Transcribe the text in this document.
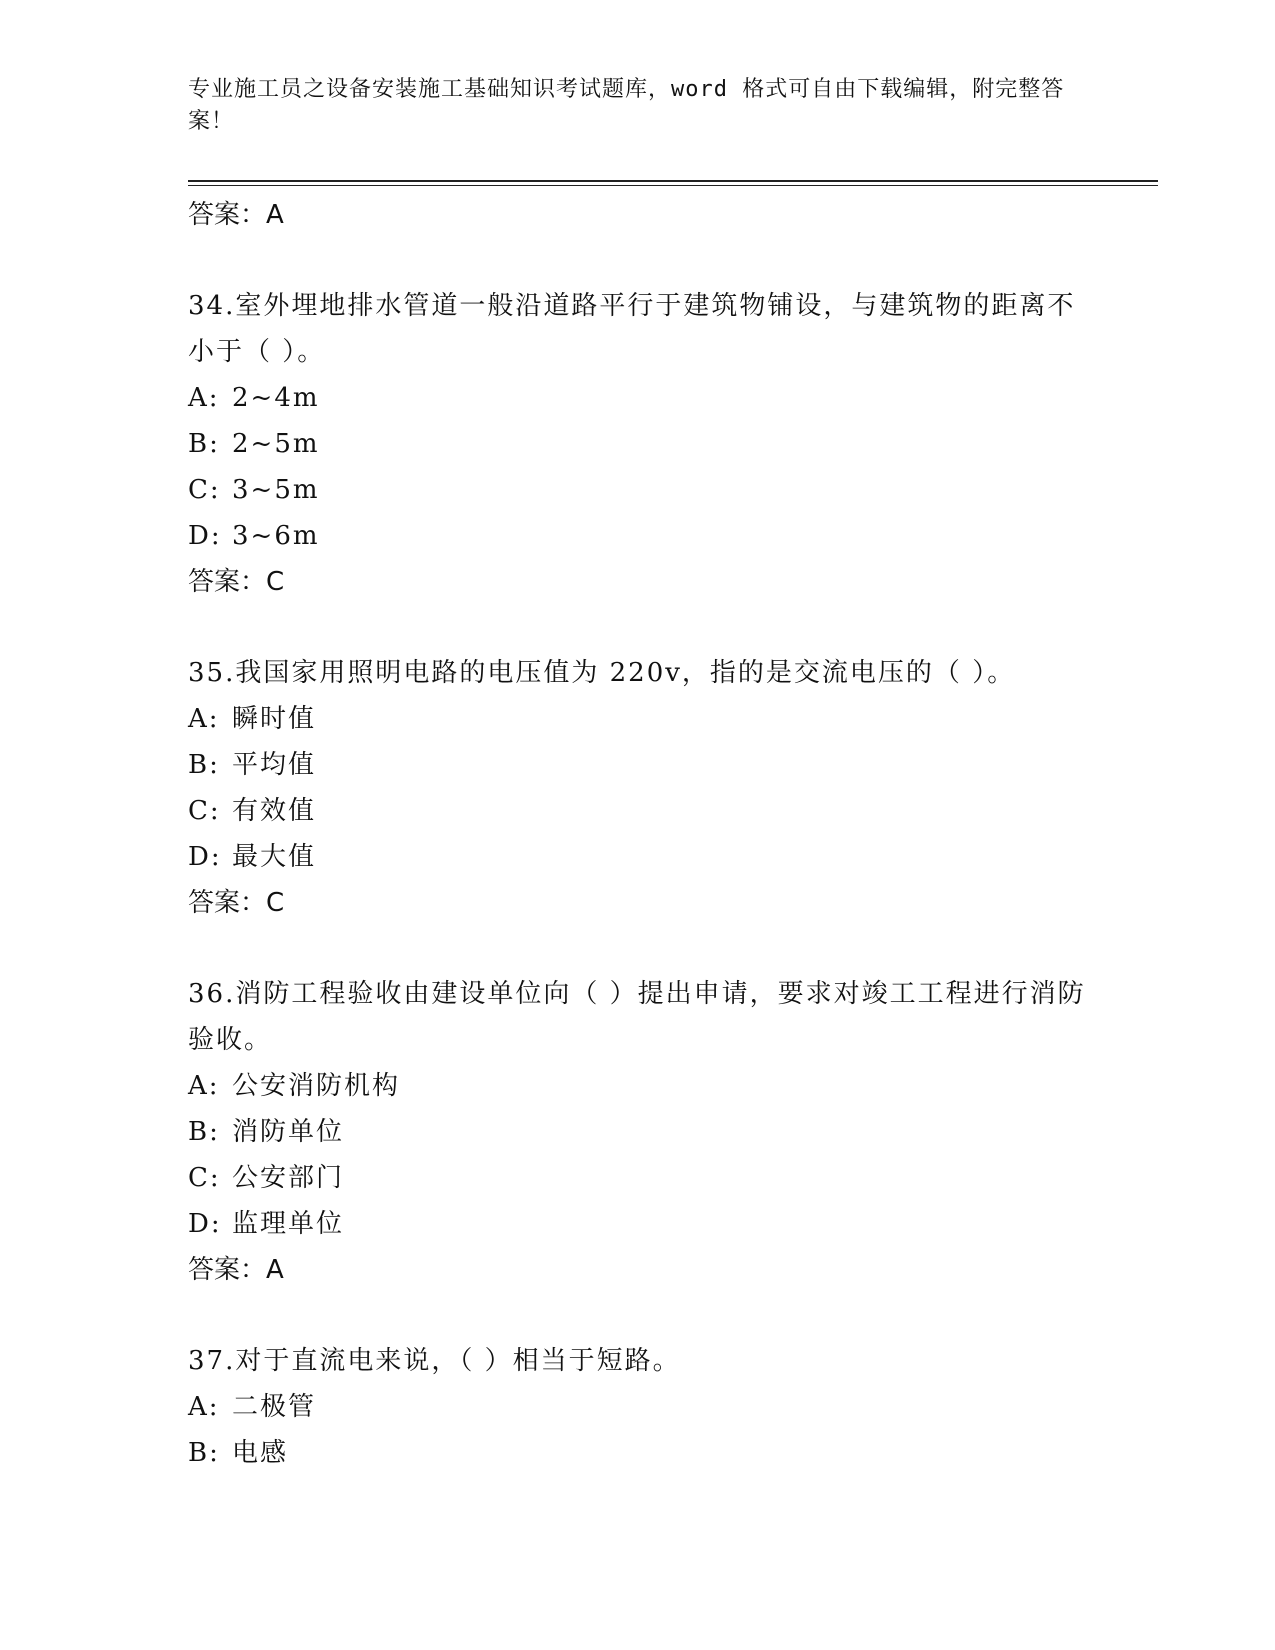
专业施工员之设备安装施工基础知识考试题库，word 格式可自由下载编辑，附完整答案！

答案：A

34.室外埋地排水管道一般沿道路平行于建筑物铺设，与建筑物的距离不小于（ ）。

A: 2~4m

B: 2~5m

C: 3~5m

D: 3~6m

答案：C

35.我国家用照明电路的电压值为 220v，指的是交流电压的（ ）。

A: 瞬时值

B: 平均值

C: 有效值

D: 最大值

答案：C

36.消防工程验收由建设单位向（ ）提出申请，要求对竣工工程进行消防验收。

A: 公安消防机构

B: 消防单位

C: 公安部门

D: 监理单位

答案：A

37.对于直流电来说，（ ）相当于短路。

A: 二极管

B: 电感
